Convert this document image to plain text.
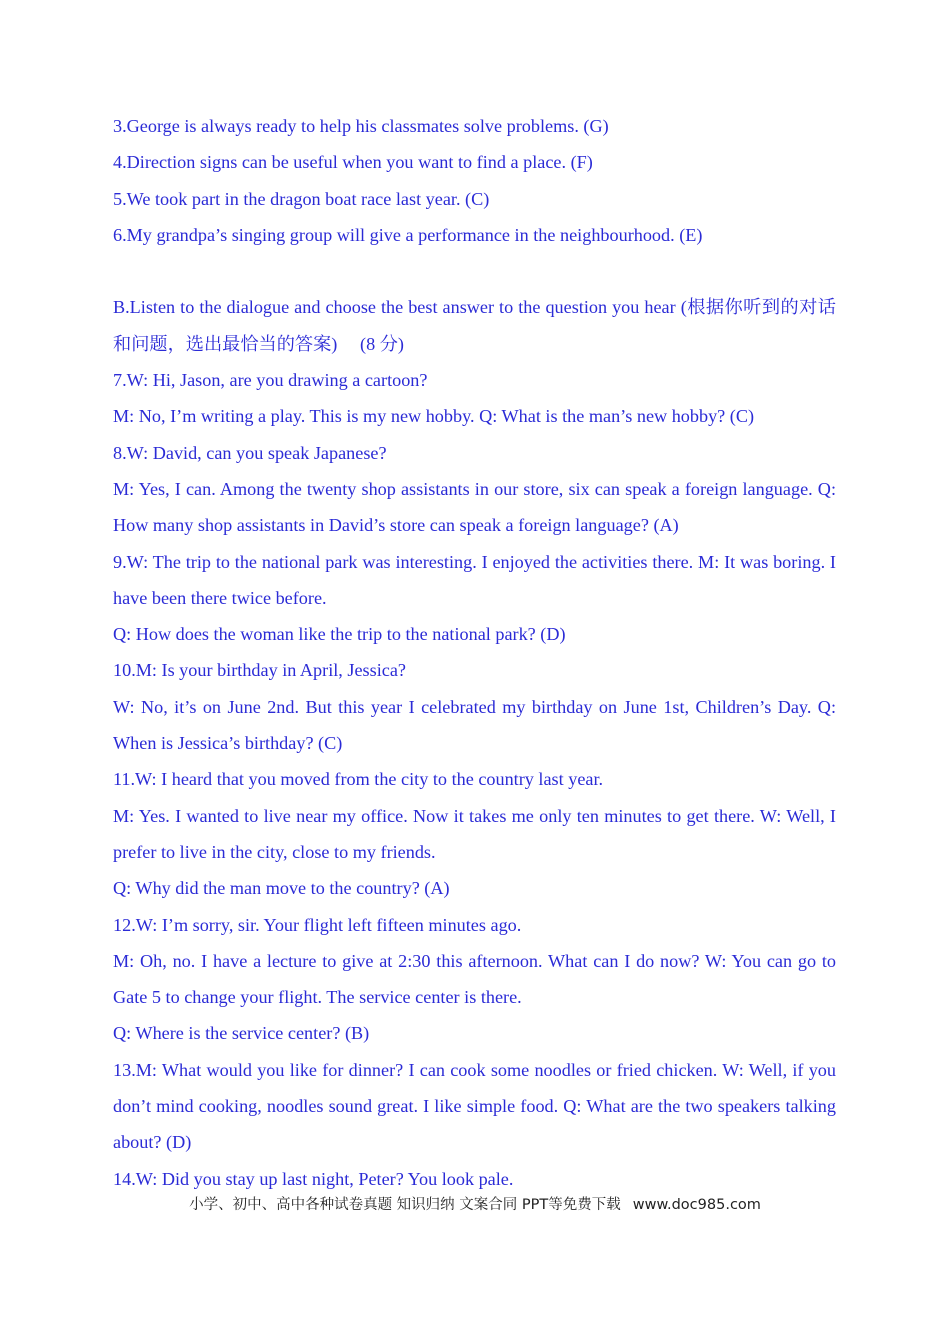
3.George is always ready to help his classmates solve problems. (G)
4.Direction signs can be useful when you want to find a place. (F)
5.We took part in the dragon boat race last year. (C)
6.My grandpa’s singing group will give a performance in the neighbourhood. (E)
B.Listen to the dialogue and choose the best answer to the question you hear (根据你听到的对话和问题，选出最恰当的答案)     (8 分)
7.W: Hi, Jason, are you drawing a cartoon?
M: No, I’m writing a play. This is my new hobby. Q: What is the man’s new hobby? (C)
8.W: David, can you speak Japanese?
M: Yes, I can. Among the twenty shop assistants in our store, six can speak a foreign language. Q: How many shop assistants in David’s store can speak a foreign language? (A)
9.W: The trip to the national park was interesting. I enjoyed the activities there. M: It was boring. I have been there twice before.
Q: How does the woman like the trip to the national park? (D)
10.M: Is your birthday in April, Jessica?
W: No, it’s on June 2nd. But this year I celebrated my birthday on June 1st, Children’s Day. Q: When is Jessica’s birthday? (C)
11.W: I heard that you moved from the city to the country last year.
M: Yes. I wanted to live near my office. Now it takes me only ten minutes to get there. W: Well, I prefer to live in the city, close to my friends.
Q: Why did the man move to the country? (A)
12.W: I’m sorry, sir. Your flight left fifteen minutes ago.
M: Oh, no. I have a lecture to give at 2:30 this afternoon. What can I do now? W: You can go to Gate 5 to change your flight. The service center is there.
Q: Where is the service center? (B)
13.M: What would you like for dinner? I can cook some noodles or fried chicken. W: Well, if you don’t mind cooking, noodles sound great. I like simple food. Q: What are the two speakers talking about? (D)
14.W: Did you stay up last night, Peter? You look pale.
小学、初中、高中各种试卷真题 知识归纳 文案合同 PPT等免费下载 www.doc985.com
